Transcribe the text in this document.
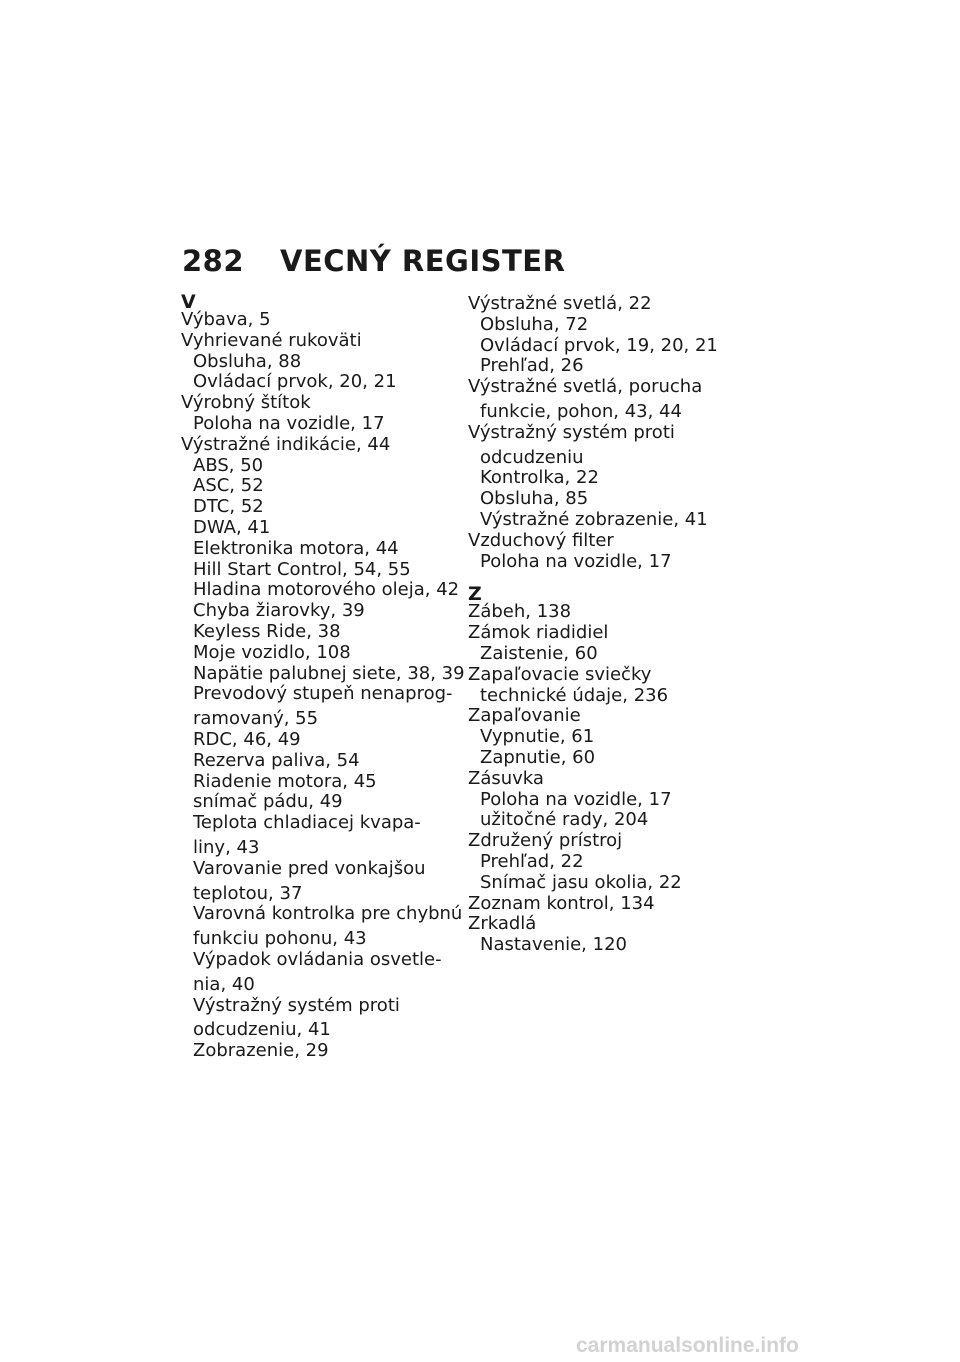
282 VECNÝ REGISTER
V
Výbava, 5
Vyhrievané rukoväti
Obsluha, 88
Ovládací prvok, 20, 21
Výrobný štítok
Poloha na vozidle, 17
Výstražné indikácie, 44
ABS, 50
ASC, 52
DTC, 52
DWA, 41
Elektronika motora, 44
Hill Start Control, 54, 55
Hladina motorového oleja, 42
Chyba žiarovky, 39
Keyless Ride, 38
Moje vozidlo, 108
Napätie palubnej siete, 38, 39
Prevodový stupeň nenaprog-
ramovaný, 55
RDC, 46, 49
Rezerva paliva, 54
Riadenie motora, 45
snímač pádu, 49
Teplota chladiacej kvapa-
liny, 43
Varovanie pred vonkajšou
teplotou, 37
Varovná kontrolka pre chybnú
funkciu pohonu, 43
Výpadok ovládania osvetle-
nia, 40
Výstražný systém proti
odcudzeniu, 41
Zobrazenie, 29
Výstražné svetlá, 22
Obsluha, 72
Ovládací prvok, 19, 20, 21
Prehľad, 26
Výstražné svetlá, porucha
funkcie, pohon, 43, 44
Výstražný systém proti
odcudzeniu
Kontrolka, 22
Obsluha, 85
Výstražné zobrazenie, 41
Vzduchový filter
Poloha na vozidle, 17
Z
Zábeh, 138
Zámok riadidiel
Zaistenie, 60
Zapaľovacie sviečky
technické údaje, 236
Zapaľovanie
Vypnutie, 61
Zapnutie, 60
Zásuvka
Poloha na vozidle, 17
užitočné rady, 204
Združený prístroj
Prehľad, 22
Snímač jasu okolia, 22
Zoznam kontrol, 134
Zrkadlá
Nastavenie, 120
carmanualsonline.info
